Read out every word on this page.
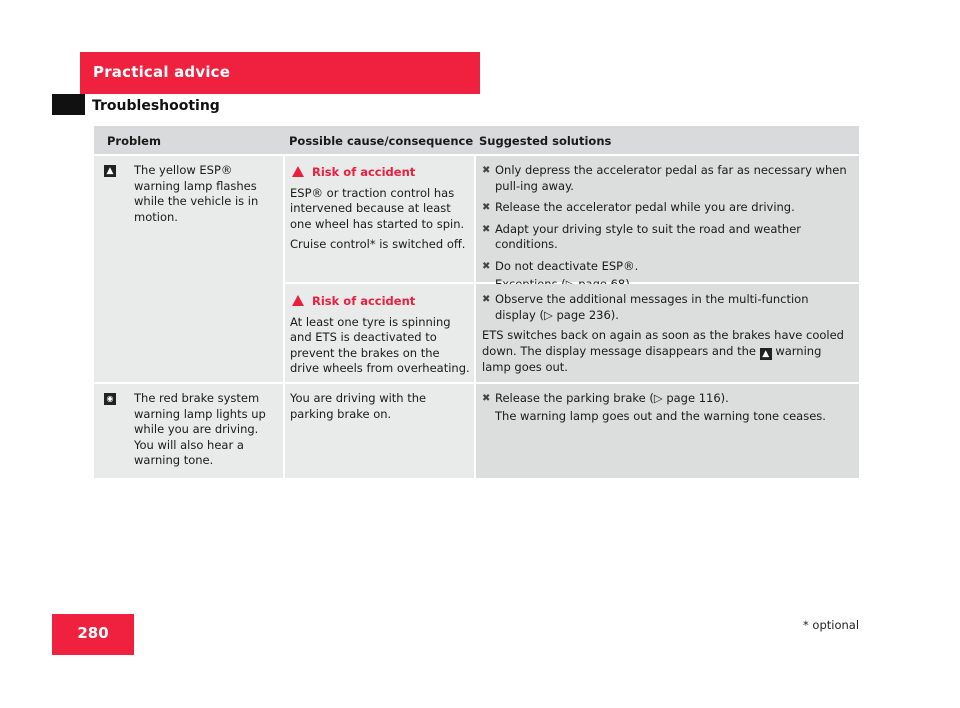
Practical advice
Troubleshooting
Problem	Possible cause/consequence Suggested solutions
▲ The yellow ESP® warning lamp flashes while the vehicle is in motion.
Risk of accident

ESP® or traction control has intervened because at least one wheel has started to spin.

Cruise control* is switched off.

✖ Only depress the accelerator pedal as far as necessary when pull-ing away.
✖ Release the accelerator pedal while you are driving.
✖ Adapt your driving style to suit the road and weather conditions.
✖ Do not deactivate ESP®.
Risk of accident

At least one tyre is spinning and ETS is deactivated to prevent the brakes on the drive wheels from overheating.

✖ Observe the additional messages in the multi-function display (▷ page 236).
ETS switches back on again as soon as the brakes have cooled down. The display message disappears and the ▲ warning lamp goes out.
◉ The red brake system warning lamp lights up while you are driving. You will also hear a warning tone.

You are driving with the parking brake on.

✖ Release the parking brake (▷ page 116).
The warning lamp goes out and the warning tone ceases.
280	* optional
